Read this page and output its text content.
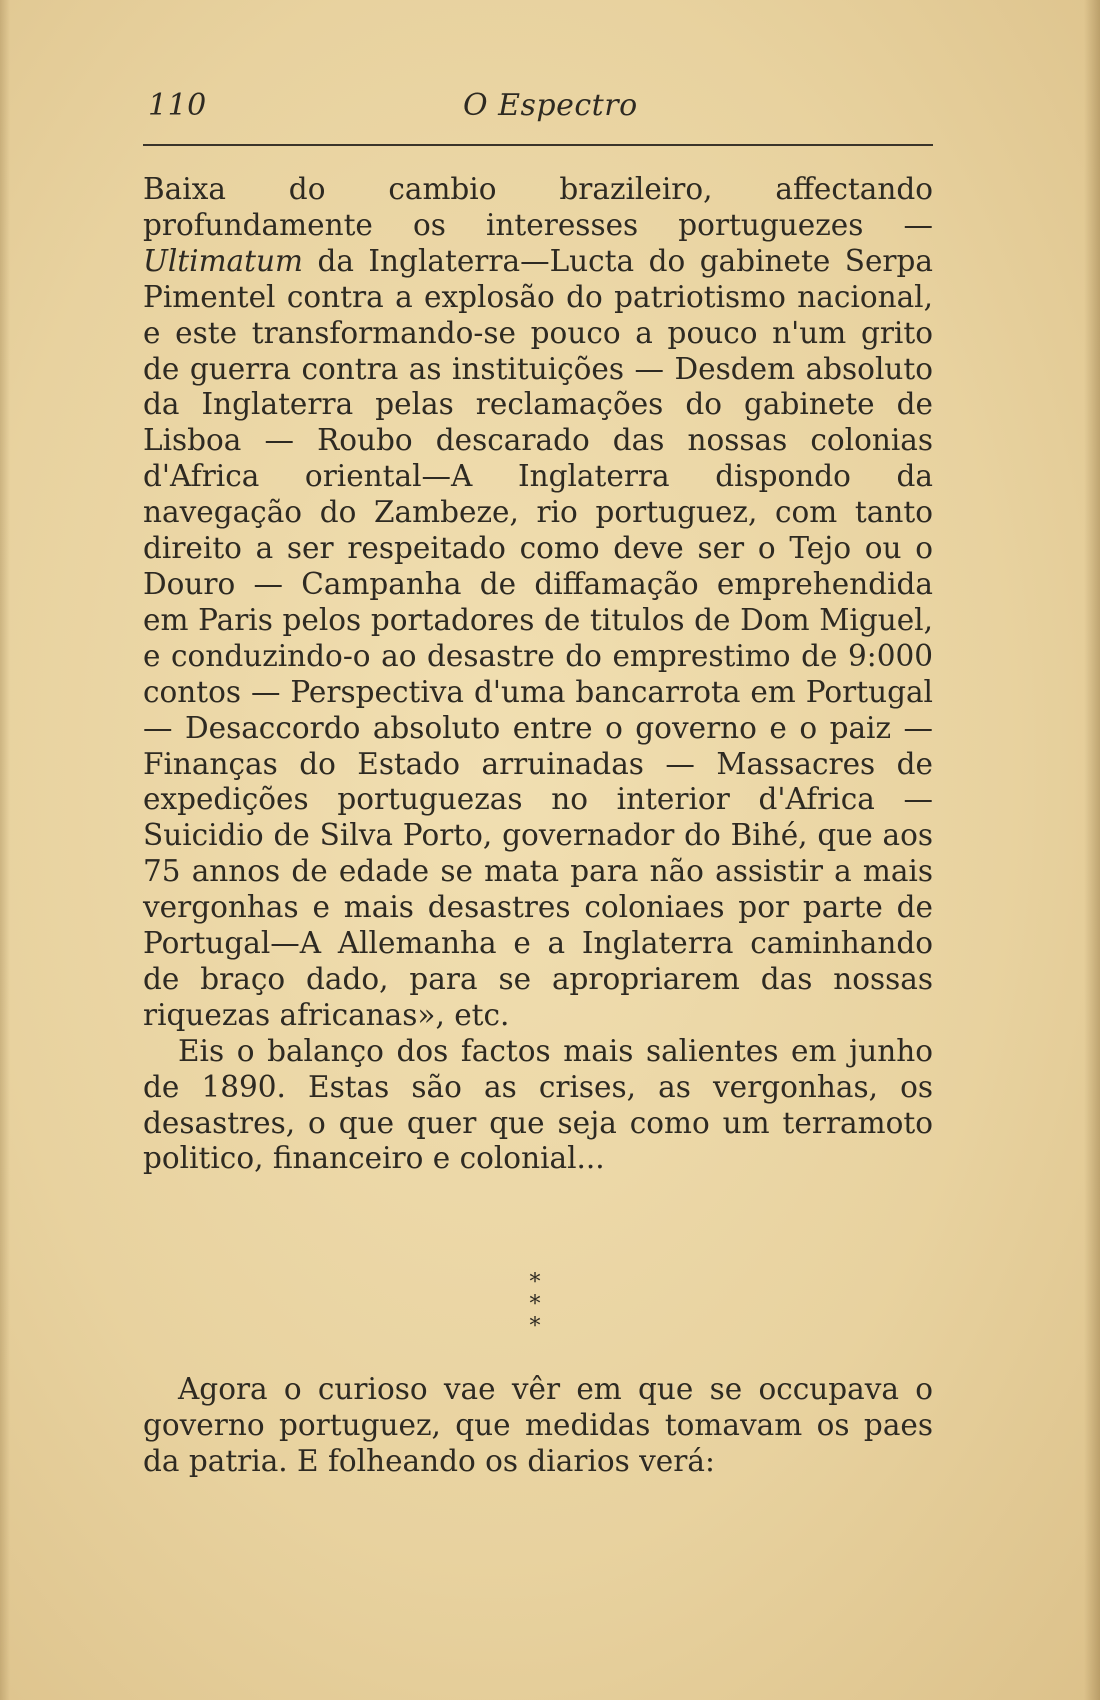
110	O Espectro

Baixa do cambio brazileiro, affectando profundamente os interesses portuguezes — Ultimatum da Inglaterra—Lucta do gabinete Serpa Pimentel contra a explosão do patriotismo nacional, e este transformando-se pouco a pouco n'um grito de guerra contra as instituições — Desdem absoluto da Inglaterra pelas reclamações do gabinete de Lisboa — Roubo descarado das nossas colonias d'Africa oriental—A Inglaterra dispondo da navegação do Zambeze, rio portuguez, com tanto direito a ser respeitado como deve ser o Tejo ou o Douro — Campanha de diffamação emprehendida em Paris pelos portadores de titulos de Dom Miguel, e conduzindo-o ao desastre do emprestimo de 9:000 contos — Perspectiva d'uma bancarrota em Portugal — Desaccordo absoluto entre o governo e o paiz — Finanças do Estado arruinadas — Massacres de expedições portuguezas no interior d'Africa — Suicidio de Silva Porto, governador do Bihé, que aos 75 annos de edade se mata para não assistir a mais vergonhas e mais desastres coloniaes por parte de Portugal—A Allemanha e a Inglaterra caminhando de braço dado, para se apropriarem das nossas riquezas africanas», etc.

Eis o balanço dos factos mais salientes em junho de 1890. Estas são as crises, as vergonhas, os desastres, o que quer que seja como um terramoto politico, financeiro e colonial...

*
* *

Agora o curioso vae vêr em que se occupava o governo portuguez, que medidas tomavam os paes da patria. E folheando os diarios verá:
